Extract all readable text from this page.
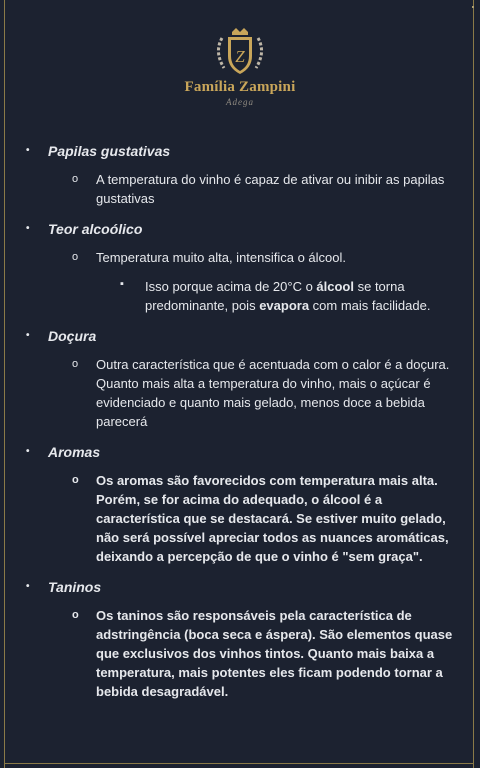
Z
Família Zampini
Adega
• Papilas gustativas
o A temperatura do vinho é capaz de ativar ou inibir as papilas gustativas
• Teor alcoólico
o Temperatura muito alta, intensifica o álcool.
▪ Isso porque acima de 20°C o álcool se torna predominante, pois evapora com mais facilidade.
• Doçura
o Outra característica que é acentuada com o calor é a doçura. Quanto mais alta a temperatura do vinho, mais o açúcar é evidenciado e quanto mais gelado, menos doce a bebida parecerá
• Aromas
o Os aromas são favorecidos com temperatura mais alta. Porém, se for acima do adequado, o álcool é a característica que se destacará. Se estiver muito gelado, não será possível apreciar todos as nuances aromáticas, deixando a percepção de que o vinho é "sem graça".
• Taninos
o Os taninos são responsáveis pela característica de adstringência (boca seca e áspera). São elementos quase que exclusivos dos vinhos tintos. Quanto mais baixa a temperatura, mais potentes eles ficam podendo tornar a bebida desagradável.
